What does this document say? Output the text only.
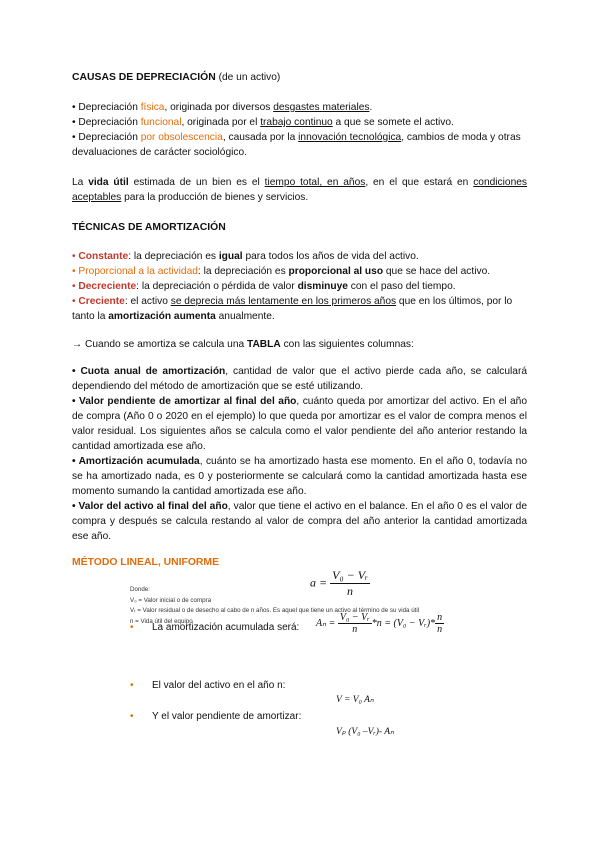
CAUSAS DE DEPRECIACIÓN (de un activo)
• Depreciación física, originada por diversos desgastes materiales.
• Depreciación funcional, originada por el trabajo continuo a que se somete el activo.
• Depreciación por obsolescencia, causada por la innovación tecnológica, cambios de moda y otras devaluaciones de carácter sociológico.
La vida útil estimada de un bien es el tiempo total, en años, en el que estará en condiciones aceptables para la producción de bienes y servicios.
TÉCNICAS DE AMORTIZACIÓN
• Constante: la depreciación es igual para todos los años de vida del activo.
• Proporcional a la actividad: la depreciación es proporcional al uso que se hace del activo.
• Decreciente: la depreciación o pérdida de valor disminuye con el paso del tiempo.
• Creciente: el activo se deprecia más lentamente en los primeros años que en los últimos, por lo tanto la amortización aumenta anualmente.
→ Cuando se amortiza se calcula una TABLA con las siguientes columnas:
• Cuota anual de amortización, cantidad de valor que el activo pierde cada año, se calculará dependiendo del método de amortización que se esté utilizando.
• Valor pendiente de amortizar al final del año, cuánto queda por amortizar del activo. En el año de compra (Año 0 o 2020 en el ejemplo) lo que queda por amortizar es el valor de compra menos el valor residual. Los siguientes años se calcula como el valor pendiente del año anterior restando la cantidad amortizada ese año.
• Amortización acumulada, cuánto se ha amortizado hasta ese momento. En el año 0, todavía no se ha amortizado nada, es 0 y posteriormente se calculará como la cantidad amortizada hasta ese momento sumando la cantidad amortizada ese año.
• Valor del activo al final del año, valor que tiene el activo en el balance. En el año 0 es el valor de compra y después se calcula restando al valor de compra del año anterior la cantidad amortizada ese año.
MÉTODO LINEAL, UNIFORME
Donde:
V₀ = Valor inicial o de compra
Vᵣ = Valor residual o de desecho al cabo de n años. Es aquel que tiene un activo al término de su vida útil
n = Vida útil del equipo
$a = \frac{\text{V₀ − Vᵣ}}{n}$
• La amortización acumulada será:
• El valor del activo en el año n:
• Y el valor pendiente de amortizar:
$A_n = \frac{\text{V₀ − Vᵣ}}{n} *n = (V_0$ − Vᵣ)* $\frac{n}{n}$
V = V₀ Aₙ
Vₚ (V₀ –Vᵣ)- Aₙ
